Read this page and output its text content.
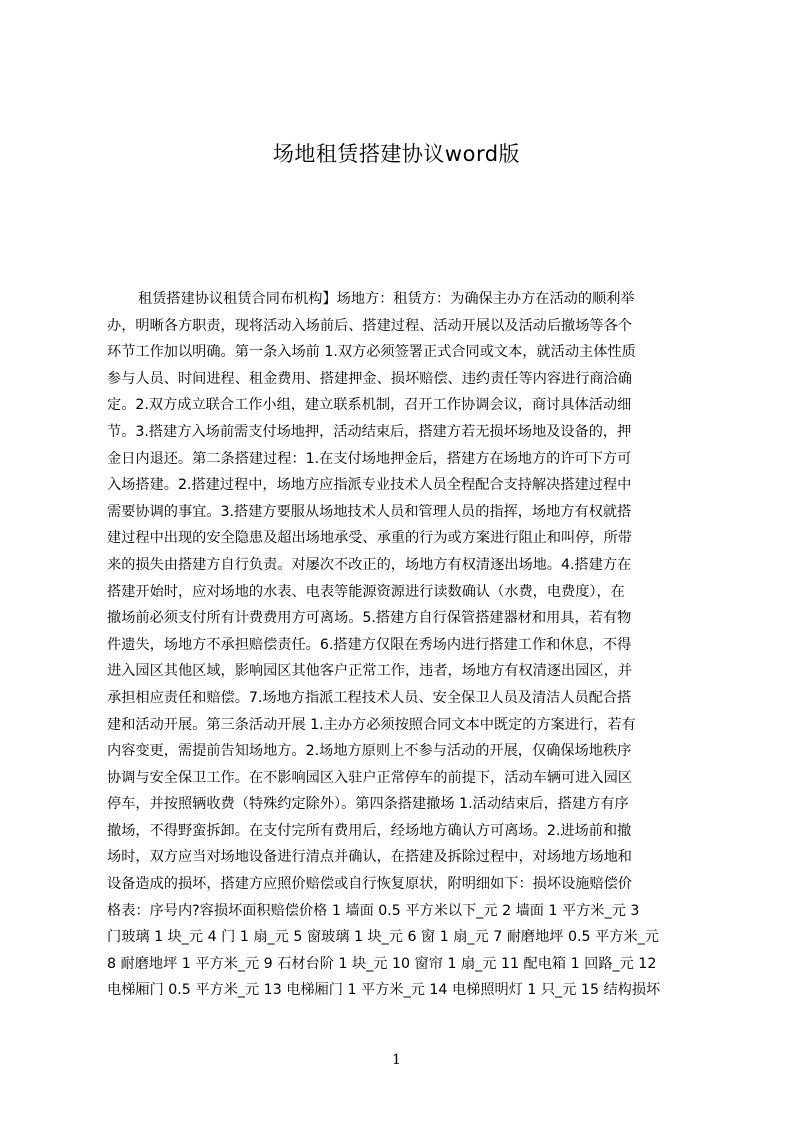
场地租赁搭建协议word版
租赁搭建协议租赁合同布机构】场地方：租赁方：为确保主办方在活动的顺利举
办，明晰各方职责，现将活动入场前后、搭建过程、活动开展以及活动后撤场等各个
环节工作加以明确。第一条入场前 1.双方必须签署正式合同或文本，就活动主体性质
参与人员、时间进程、租金费用、搭建押金、损坏赔偿、违约责任等内容进行商洽确
定。2.双方成立联合工作小组，建立联系机制，召开工作协调会议，商讨具体活动细
节。3.搭建方入场前需支付场地押，活动结束后，搭建方若无损坏场地及设备的，押
金日内退还。第二条搭建过程：1.在支付场地押金后，搭建方在场地方的许可下方可
入场搭建。2.搭建过程中，场地方应指派专业技术人员全程配合支持解决搭建过程中
需要协调的事宜。3.搭建方要服从场地技术人员和管理人员的指挥，场地方有权就搭
建过程中出现的安全隐患及超出场地承受、承重的行为或方案进行阻止和叫停，所带
来的损失由搭建方自行负责。对屡次不改正的，场地方有权清逐出场地。4.搭建方在
搭建开始时，应对场地的水表、电表等能源资源进行读数确认（水费，电费度），在
撤场前必须支付所有计费费用方可离场。5.搭建方自行保管搭建器材和用具，若有物
件遗失，场地方不承担赔偿责任。6.搭建方仅限在秀场内进行搭建工作和休息，不得
进入园区其他区域，影响园区其他客户正常工作，违者，场地方有权清逐出园区，并
承担相应责任和赔偿。7.场地方指派工程技术人员、安全保卫人员及清洁人员配合搭
建和活动开展。第三条活动开展 1.主办方必须按照合同文本中既定的方案进行，若有
内容变更，需提前告知场地方。2.场地方原则上不参与活动的开展，仅确保场地秩序
协调与安全保卫工作。在不影响园区入驻户正常停车的前提下，活动车辆可进入园区
停车，并按照辆收费（特殊约定除外）。第四条搭建撤场 1.活动结束后，搭建方有序
撤场，不得野蛮拆卸。在支付完所有费用后，经场地方确认方可离场。2.进场前和撤
场时，双方应当对场地设备进行清点并确认，在搭建及拆除过程中，对场地方场地和
设备造成的损坏，搭建方应照价赔偿或自行恢复原状，附明细如下：损坏设施赔偿价
格表：序号内?容损坏面积赔偿价格 1 墙面 0.5 平方米以下_元 2 墙面 1 平方米_元 3
门玻璃 1 块_元 4 门 1 扇_元 5 窗玻璃 1 块_元 6 窗 1 扇_元 7 耐磨地坪 0.5 平方米_元
8 耐磨地坪 1 平方米_元 9 石材台阶 1 块_元 10 窗帘 1 扇_元 11 配电箱 1 回路_元 12
电梯厢门 0.5 平方米_元 13 电梯厢门 1 平方米_元 14 电梯照明灯 1 只_元 15 结构损坏
1
